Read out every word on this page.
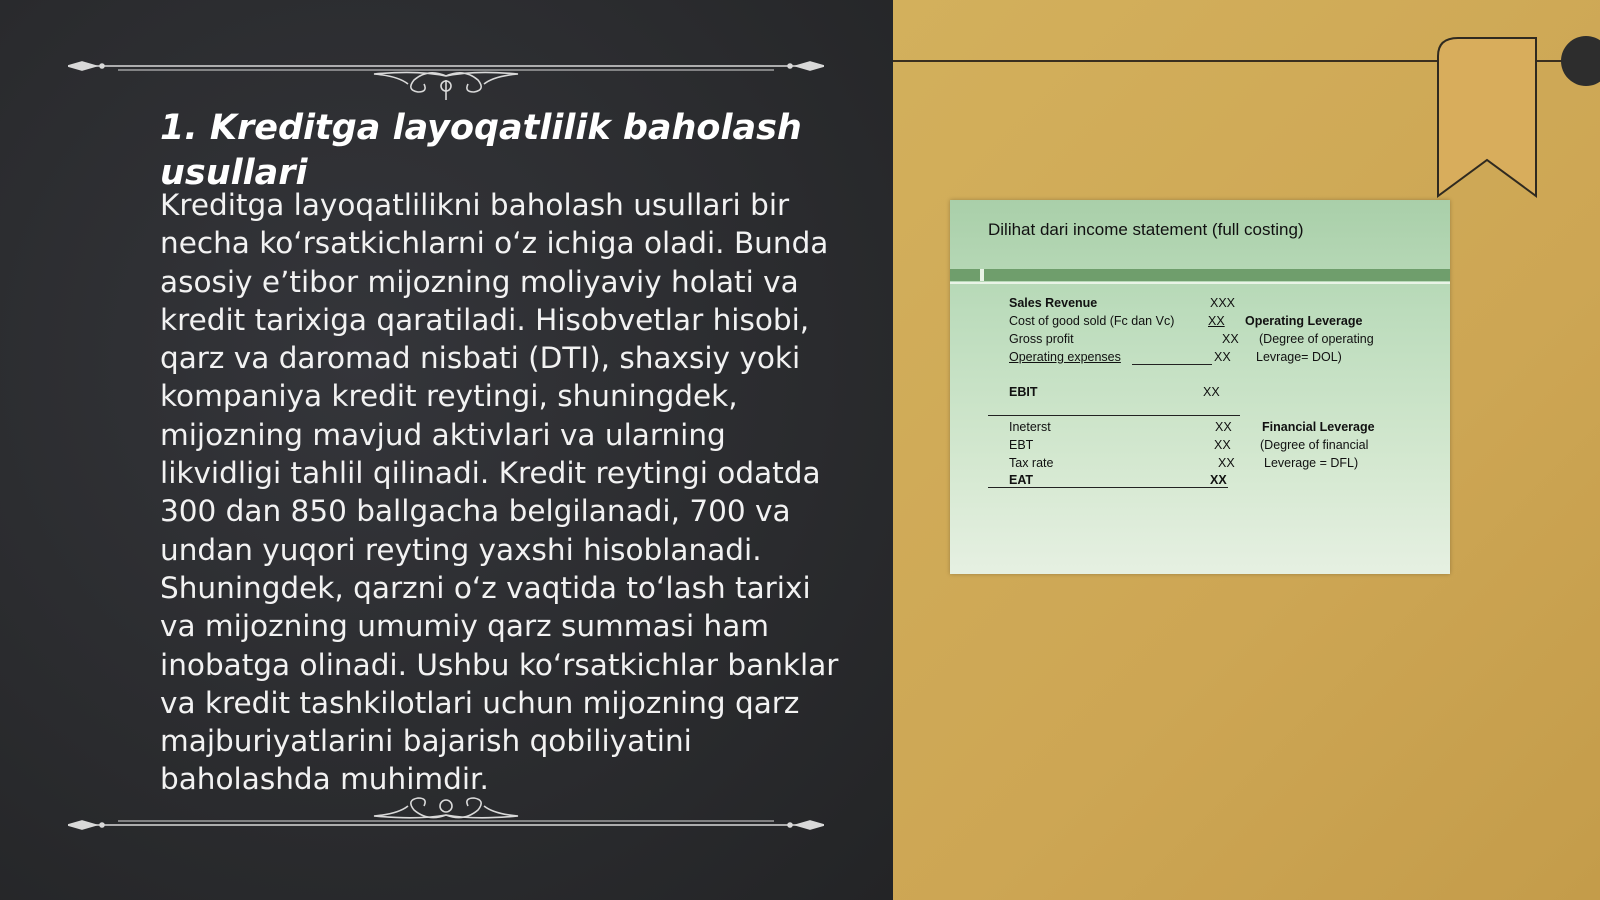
1. Kreditga layoqatlilik baholash usullari

Kreditga layoqatlilikni baholash usullari bir necha koʻrsatkichlarni oʻz ichiga oladi. Bunda asosiy eʼtibor mijozning moliyaviy holati va kredit tarixiga qaratiladi. Hisobvetlar hisobi, qarz va daromad nisbati (DTI), shaxsiy yoki kompaniya kredit reytingi, shuningdek, mijozning mavjud aktivlari va ularning likvidligi tahlil qilinadi. Kredit reytingi odatda 300 dan 850 ballgacha belgilanadi, 700 va undan yuqori reyting yaxshi hisoblanadi. Shuningdek, qarzni oʻz vaqtida toʻlash tarixi va mijozning umumiy qarz summasi ham inobatga olinadi. Ushbu koʻrsatkichlar banklar va kredit tashkilotlari uchun mijozning qarz majburiyatlarini bajarish qobiliyatini baholashda muhimdir.

Dilihat dari income statement (full costing)
Sales Revenue	XXX
Cost of good sold (Fc dan Vc)	XX Operating Leverage
Gross profit	XX (Degree of operating
Operating expenses	XX Levrage= DOL)
EBIT	XX
Ineterst	XX Financial Leverage
EBT	XX (Degree of financial
Tax rate	XX Leverage = DFL)
EAT	XX
